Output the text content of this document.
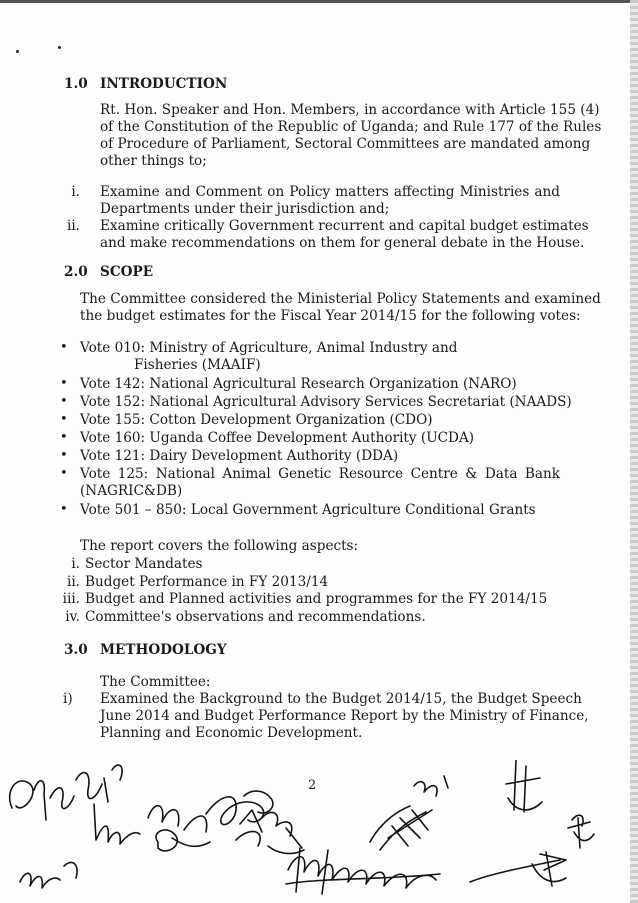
1.0 INTRODUCTION
Rt. Hon. Speaker and Hon. Members, in accordance with Article 155 (4)
of the Constitution of the Republic of Uganda; and Rule 177 of the Rules
of Procedure of Parliament, Sectoral Committees are mandated among
other things to;
i. Examine and Comment on Policy matters affecting Ministries and
Departments under their jurisdiction and;
ii. Examine critically Government recurrent and capital budget estimates
and make recommendations on them for general debate in the House.
2.0 SCOPE
The Committee considered the Ministerial Policy Statements and examined
the budget estimates for the Fiscal Year 2014/15 for the following votes:
• Vote 010: Ministry of Agriculture, Animal Industry and
Fisheries (MAAIF)
• Vote 142: National Agricultural Research Organization (NARO)
• Vote 152: National Agricultural Advisory Services Secretariat (NAADS)
• Vote 155: Cotton Development Organization (CDO)
• Vote 160: Uganda Coffee Development Authority (UCDA)
• Vote 121: Dairy Development Authority (DDA)
• Vote 125: National Animal Genetic Resource Centre & Data Bank
(NAGRIC&DB)
• Vote 501 – 850: Local Government Agriculture Conditional Grants
The report covers the following aspects:
i. Sector Mandates
ii. Budget Performance in FY 2013/14
iii. Budget and Planned activities and programmes for the FY 2014/15
iv. Committee's observations and recommendations.
3.0 METHODOLOGY
The Committee:
i) Examined the Background to the Budget 2014/15, the Budget Speech
June 2014 and Budget Performance Report by the Ministry of Finance,
Planning and Economic Development.
2
